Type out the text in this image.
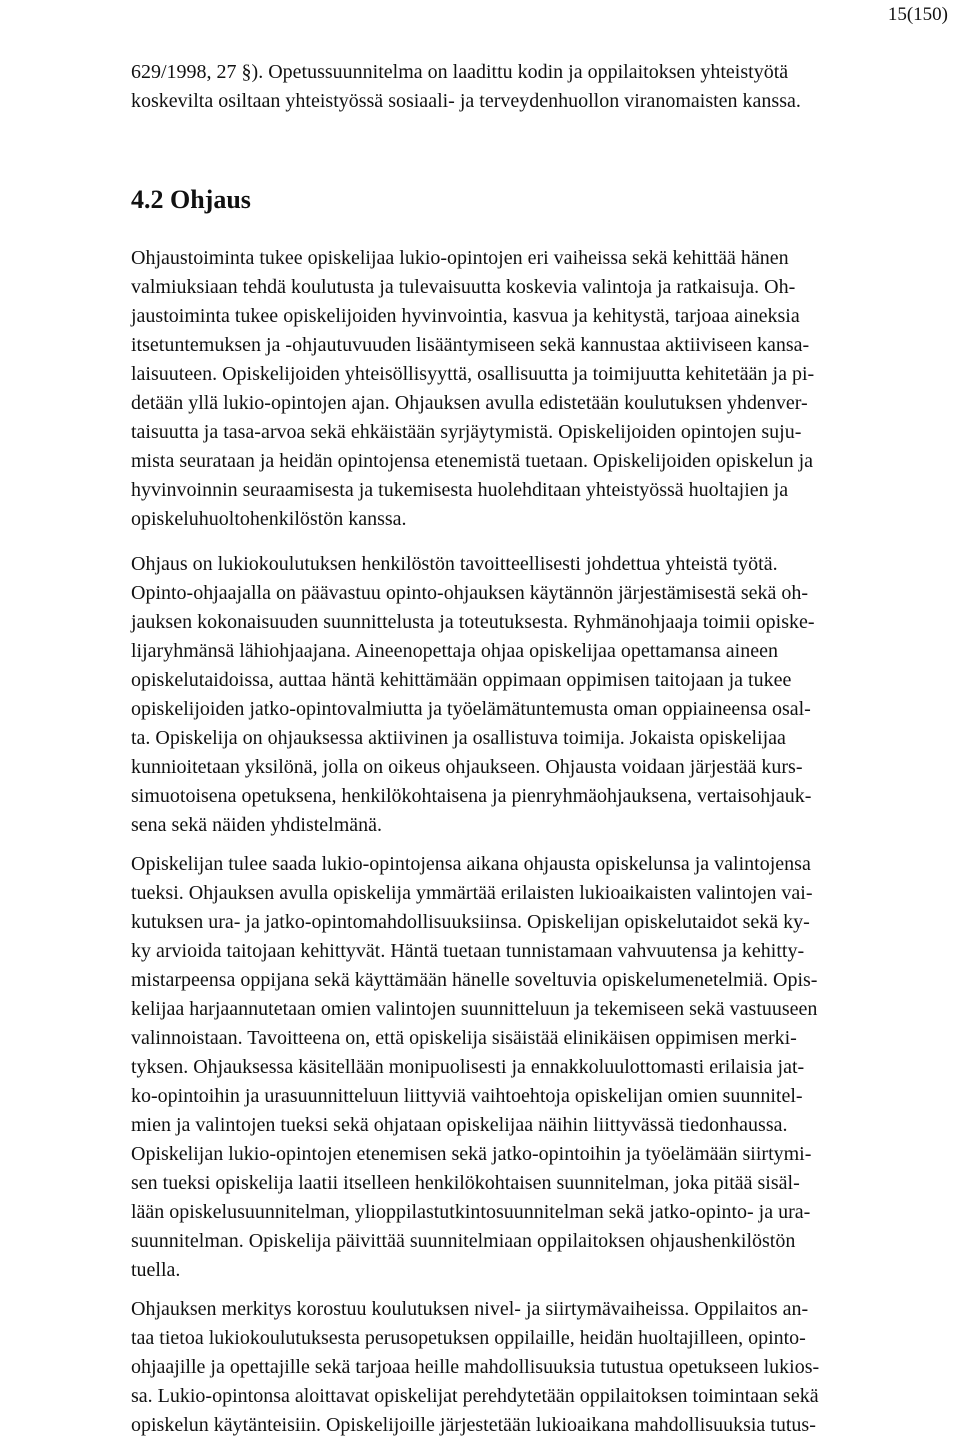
15(150)
629/1998, 27 §). Opetussuunnitelma on laadittu kodin ja oppilaitoksen yhteistyötä
koskevilta osiltaan yhteistyössä sosiaali- ja terveydenhuollon viranomaisten kanssa.
4.2 Ohjaus
Ohjaustoiminta tukee opiskelijaa lukio-opintojen eri vaiheissa sekä kehittää hänen
valmiuksiaan tehdä koulutusta ja tulevaisuutta koskevia valintoja ja ratkaisuja. Oh-
jaustoiminta tukee opiskelijoiden hyvinvointia, kasvua ja kehitystä, tarjoaa aineksia
itsetuntemuksen ja -ohjautuvuuden lisääntymiseen sekä kannustaa aktiiviseen kansa-
laisuuteen. Opiskelijoiden yhteisöllisyyttä, osallisuutta ja toimijuutta kehitetään ja pi-
detään yllä lukio-opintojen ajan. Ohjauksen avulla edistetään koulutuksen yhdenver-
taisuutta ja tasa-arvoa sekä ehkäistään syrjäytymistä. Opiskelijoiden opintojen suju-
mista seurataan ja heidän opintojensa etenemistä tuetaan. Opiskelijoiden opiskelun ja
hyvinvoinnin seuraamisesta ja tukemisesta huolehditaan yhteistyössä huoltajien ja
opiskeluhuoltohenkilöstön kanssa.
Ohjaus on lukiokoulutuksen henkilöstön tavoitteellisesti johdettua yhteistä työtä.
Opinto-ohjaajalla on päävastuu opinto-ohjauksen käytännön järjestämisestä sekä oh-
jauksen kokonaisuuden suunnittelusta ja toteutuksesta. Ryhmänohjaaja toimii opiske-
lijaryhmänsä lähiohjaajana. Aineenopettaja ohjaa opiskelijaa opettamansa aineen
opiskelutaidoissa, auttaa häntä kehittämään oppimaan oppimisen taitojaan ja tukee
opiskelijoiden jatko-opintovalmiutta ja työelämätuntemusta oman oppiaineensa osal-
ta. Opiskelija on ohjauksessa aktiivinen ja osallistuva toimija. Jokaista opiskelijaa
kunnioitetaan yksilönä, jolla on oikeus ohjaukseen. Ohjausta voidaan järjestää kurs-
simuotoisena opetuksena, henkilökohtaisena ja pienryhmäohjauksena, vertaisohjauk-
sena sekä näiden yhdistelmänä.
Opiskelijan tulee saada lukio-opintojensa aikana ohjausta opiskelunsa ja valintojensa
tueksi. Ohjauksen avulla opiskelija ymmärtää erilaisten lukioaikaisten valintojen vai-
kutuksen ura- ja jatko-opintomahdollisuuksiinsa. Opiskelijan opiskelutaidot sekä ky-
ky arvioida taitojaan kehittyvät. Häntä tuetaan tunnistamaan vahvuutensa ja kehitty-
mistarpeensa oppijana sekä käyttämään hänelle soveltuvia opiskelumenetelmiä. Opis-
kelijaa harjaannutetaan omien valintojen suunnitteluun ja tekemiseen sekä vastuuseen
valinnoistaan. Tavoitteena on, että opiskelija sisäistää elinikäisen oppimisen merki-
tyksen. Ohjauksessa käsitellään monipuolisesti ja ennakkoluulottomasti erilaisia jat-
ko-opintoihin ja urasuunnitteluun liittyviä vaihtoehtoja opiskelijan omien suunnitel-
mien ja valintojen tueksi sekä ohjataan opiskelijaa näihin liittyvässä tiedonhaussa.
Opiskelijan lukio-opintojen etenemisen sekä jatko-opintoihin ja työelämään siirtymi-
sen tueksi opiskelija laatii itselleen henkilökohtaisen suunnitelman, joka pitää sisäl-
lään opiskelusuunnitelman, ylioppilastutkintosuunnitelman sekä jatko-opinto- ja ura-
suunnitelman. Opiskelija päivittää suunnitelmiaan oppilaitoksen ohjaushenkilöstön
tuella.
Ohjauksen merkitys korostuu koulutuksen nivel- ja siirtymävaiheissa. Oppilaitos an-
taa tietoa lukiokoulutuksesta perusopetuksen oppilaille, heidän huoltajilleen, opinto-
ohjaajille ja opettajille sekä tarjoaa heille mahdollisuuksia tutustua opetukseen lukios-
sa. Lukio-opintonsa aloittavat opiskelijat perehdytetään oppilaitoksen toimintaan sekä
opiskelun käytänteisiin. Opiskelijoille järjestetään lukioaikana mahdollisuuksia tutus-
